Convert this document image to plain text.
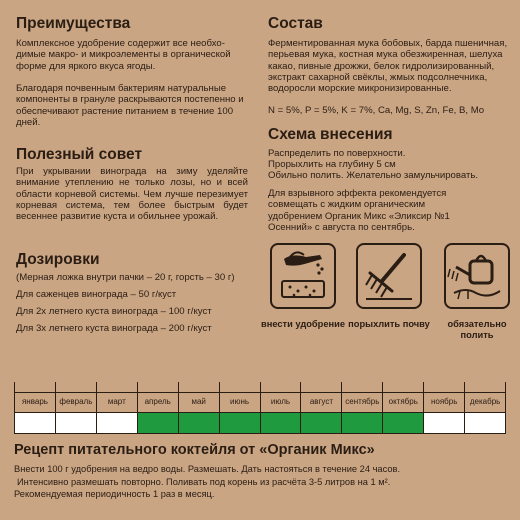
Преимущества

Комплексное удобрение содержит все необхо-димые макро- и микроэлементы в органической форме для яркого вкуса ягоды.

Благодаря почвенным бактериям натуральные компоненты в грануле раскрываются постепенно и обеспечивают растение питанием в течение 100 дней.

Полезный совет

При укрывании винограда на зиму уделяйте внимание утеплению не только лозы, но и всей области корневой системы. Чем лучше перезимует корневая система, тем более быстрым будет весеннее развитие куста и обильнее урожай.

Дозировки

(Мерная ложка внутри пачки – 20 г, горсть – 30 г)

Для саженцев винограда – 50 г/куст

Для 2х летнего куста винограда – 100 г/куст

Для 3х летнего куста винограда – 200 г/куст

Состав

Ферментированная мука бобовых, барда пшеничная, перьевая мука, костная мука обезжиренная, шелуха какао, пивные дрожжи, белок гидролизированный, экстракт сахарной свёклы, жмых подсолнечника, водоросли морские микронизированные.

N = 5%, P = 5%, K = 7%, Ca, Mg, S, Zn, Fe, B, Mo

Схема внесения

Распределить по поверхности.

Прорыхлить на глубину 5 см

Обильно полить. Желательно замульчировать.

Для взрывного эффекта рекомендуется совмещать с жидким органическим удобрением Органик Микс «Эликсир №1 Осенний» с августа по сентябрь.

внести удобрение порыхлить почву	обязательно полить
январь	февраль	март	апрель	май	июнь	июль	август	сентябрь	октябрь	ноябрь	декабрь
Рецепт питательного коктейля от «Органик Микс»

Внести 100 г удобрения на ведро воды. Размешать. Дать настояться в течение 24 часов.

Интенсивно размешать повторно. Поливать под корень из расчёта 3-5 литров на 1 м².

Рекомендуемая периодичность 1 раз в месяц.
